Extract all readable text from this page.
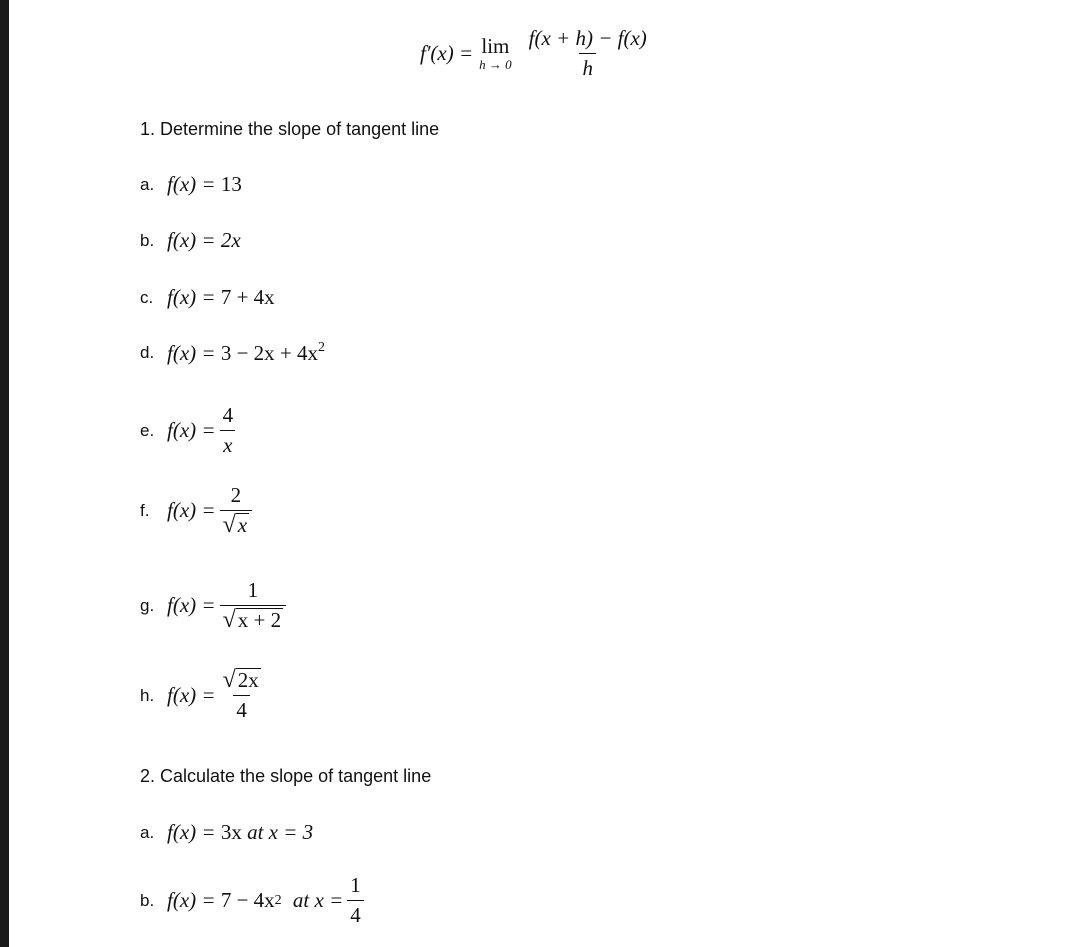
f′(x) = lim
$h \to 0 \frac{f(x + h) - f(x)}{h}$
1. Determine the slope of tangent line
a. f(x) = 13
b. f(x) = 2x
c. f(x) = 7 + 4x
d. $f(x) = 3 - 2x + 4x^2$
e. $f(x) = \frac{4}{x}$
f. $f(x) = \frac{2}{√ x}$
g. $f(x) = \frac{1}{√ x + 2}$
h. $f(x) = \frac{√ 2x}{4}$
2. Calculate the slope of tangent line
a. f(x) = 3x at x = 3
b. f(x) =
7 − 4x 2
at
$x = \frac{1}{4}$
